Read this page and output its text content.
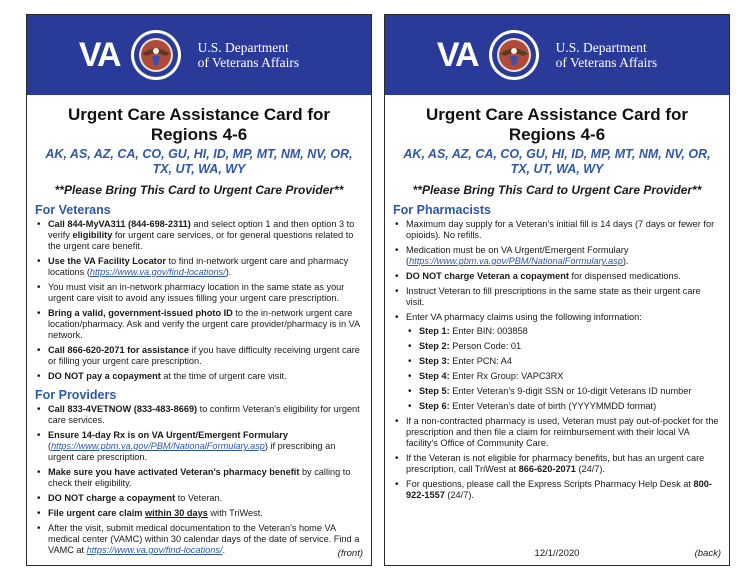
VA	U.S. Department
of Veterans Affairs
Urgent Care Assistance Card for Regions 4-6
AK, AS, AZ, CA, CO, GU, HI, ID, MP, MT, NM, NV, OR, TX, UT, WA, WY
**Please Bring This Card to Urgent Care Provider**
For Veterans
• Call 844-MyVA311 (844-698-2311) and select option 1 and then option 3 to verify eligibility for urgent care services, or for general questions related to the urgent care benefit.
• Use the VA Facility Locator to find in-network urgent care and pharmacy locations (https://www.va.gov/find-locations/).
• You must visit an in-network pharmacy location in the same state as your urgent care visit to avoid any issues filling your urgent care prescription.
• Bring a valid, government-issued photo ID to the in-network urgent care location/pharmacy. Ask and verify the urgent care provider/pharmacy is in VA network.
• Call 866-620-2071 for assistance if you have difficulty receiving urgent care or filling your urgent care prescription.
• DO NOT pay a copayment at the time of urgent care visit.
For Providers
• Call 833-4VETNOW (833-483-8669) to confirm Veteran's eligibility for urgent care services.
• Ensure 14-day Rx is on VA Urgent/Emergent Formulary (https://www.pbm.va.gov/PBM/NationalFormulary.asp) if prescribing an urgent care prescription.
• Make sure you have activated Veteran's pharmacy benefit by calling to check their eligibility.
• DO NOT charge a copayment to Veteran.
• File urgent care claim within 30 days with TriWest.
• After the visit, submit medical documentation to the Veteran's home VA medical center (VAMC) within 30 calendar days of the date of service. Find a VAMC at https://www.va.gov/find-locations/.	(front)
VA	U.S. Department
of Veterans Affairs
Urgent Care Assistance Card for Regions 4-6
AK, AS, AZ, CA, CO, GU, HI, ID, MP, MT, NM, NV, OR, TX, UT, WA, WY
**Please Bring This Card to Urgent Care Provider**
For Pharmacists
• Maximum day supply for a Veteran's initial fill is 14 days (7 days or fewer for opioids). No refills.
• Medication must be on VA Urgent/Emergent Formulary (https://www.pbm.va.gov/PBM/NationalFormulary.asp).
• DO NOT charge Veteran a copayment for dispensed medications.
• Instruct Veteran to fill prescriptions in the same state as their urgent care visit.
• Enter VA pharmacy claims using the following information:
• Step 1: Enter BIN: 003858
• Step 2: Person Code: 01
• Step 3: Enter PCN: A4
• Step 4: Enter Rx Group: VAPC3RX
• Step 5: Enter Veteran's 9-digit SSN or 10-digit Veterans ID number
• Step 6: Enter Veteran's date of birth (YYYYMMDD format)
• If a non-contracted pharmacy is used, Veteran must pay out-of-pocket for the prescription and then file a claim for reimbursement with their local VA facility's Office of Community Care.
• If the Veteran is not eligible for pharmacy benefits, but has an urgent care prescription, call TriWest at 866-620-2071 (24/7).
• For questions, please call the Express Scripts Pharmacy Help Desk at 800-922-1557 (24/7).
12/1//2020	(back)
